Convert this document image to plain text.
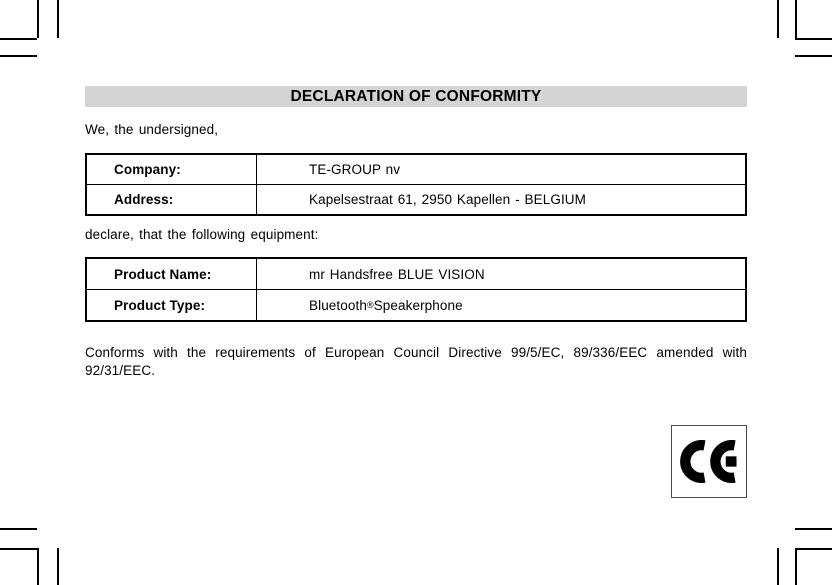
DECLARATION OF CONFORMITY
We, the undersigned,
Company:	TE-GROUP nv
Address:	Kapelsestraat 61, 2950 Kapellen - BELGIUM
declare, that the following equipment:
Product Name:	mr Handsfree BLUE VISION
Product Type:	Bluetooth ® Speakerphone
Conforms with the requirements of European Council Directive 99/5/EC, 89/336/EEC amended with 92/31/EEC.
